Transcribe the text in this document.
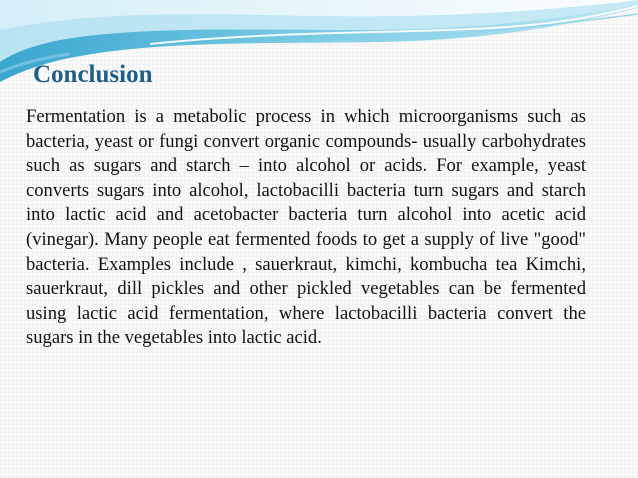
Conclusion

Fermentation is a metabolic process in which microorganisms such as bacteria, yeast or fungi convert organic compounds- usually carbohydrates such as sugars and starch – into alcohol or acids. For example, yeast converts sugars into alcohol, lactobacilli bacteria turn sugars and starch into lactic acid and acetobacter bacteria turn alcohol into acetic acid (vinegar). Many people eat fermented foods to get a supply of live "good" bacteria. Examples include , sauerkraut, kimchi, kombucha tea Kimchi, sauerkraut, dill pickles and other pickled vegetables can be fermented using lactic acid fermentation, where lactobacilli bacteria convert the sugars in the vegetables into lactic acid.
